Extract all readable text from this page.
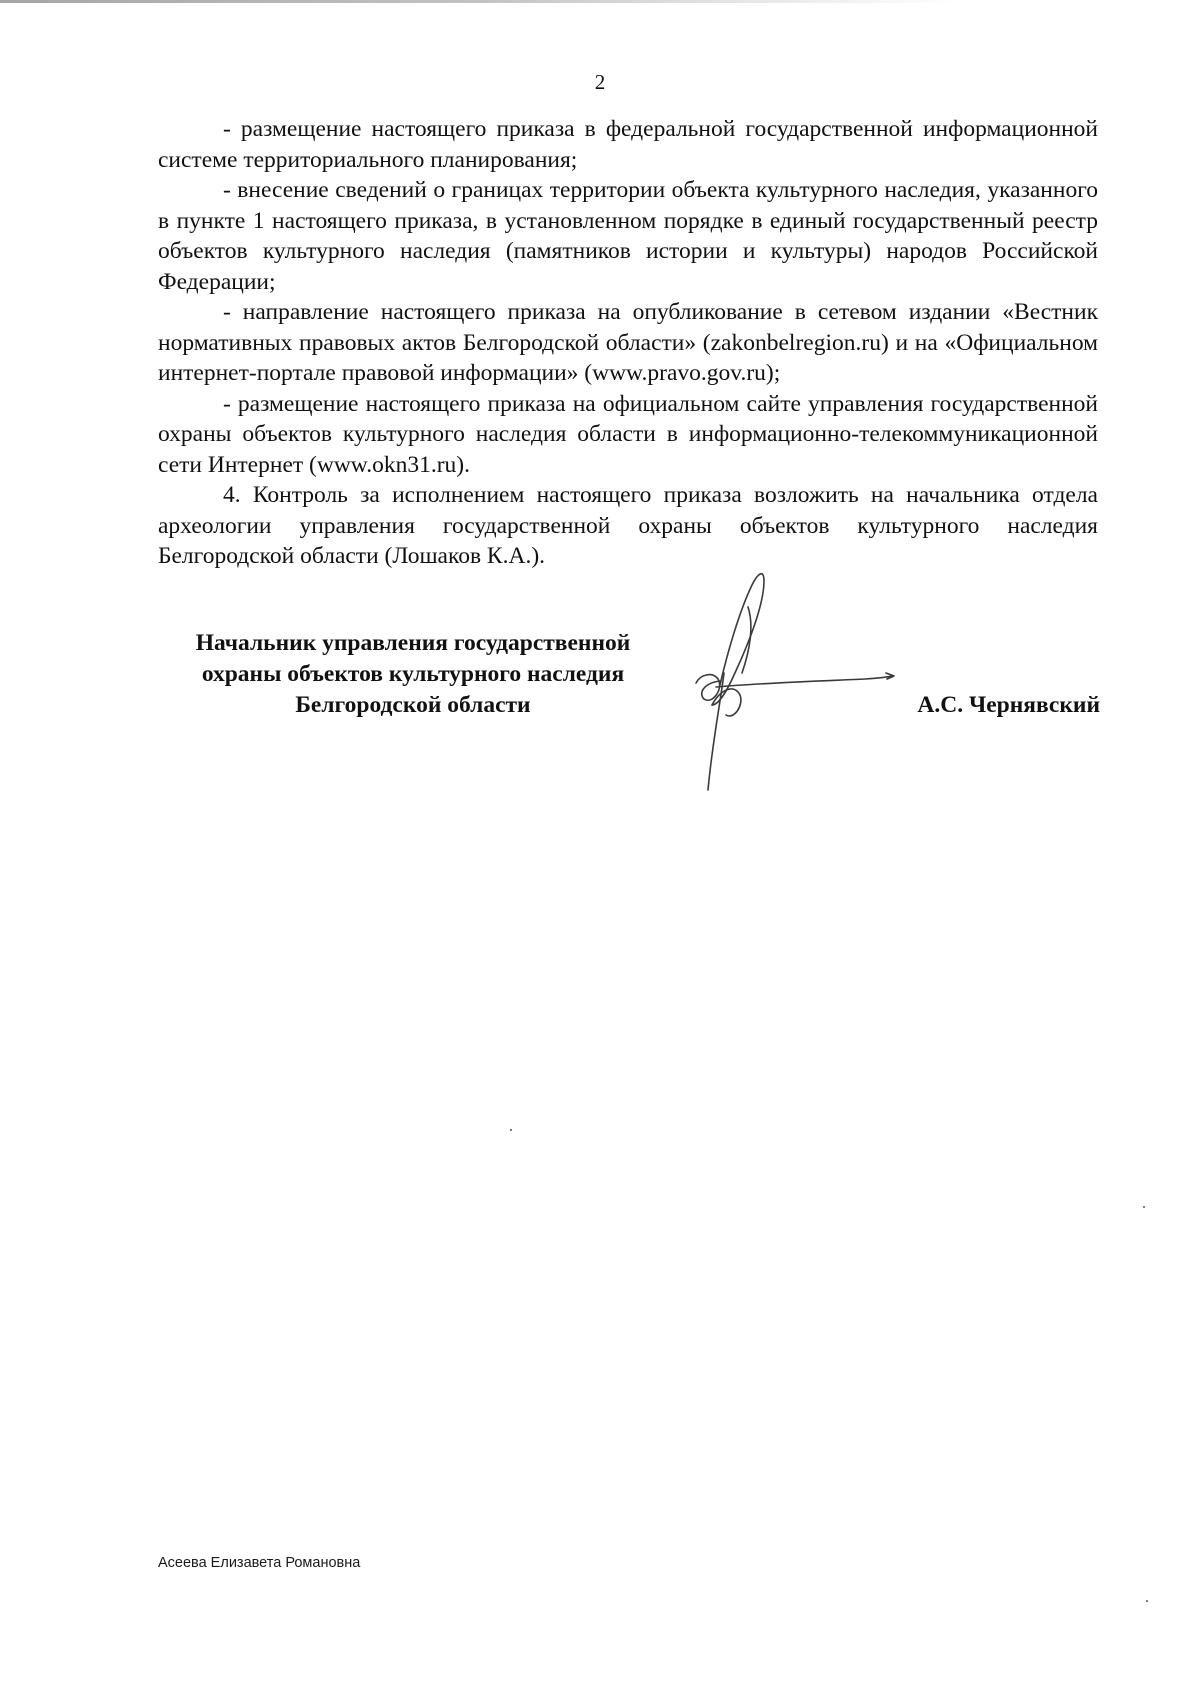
2

- размещение настоящего приказа в федеральной государственной информационной системе территориального планирования;

- внесение сведений о границах территории объекта культурного наследия, указанного в пункте 1 настоящего приказа, в установленном порядке в единый государственный реестр объектов культурного наследия (памятников истории и культуры) народов Российской Федерации;

- направление настоящего приказа на опубликование в сетевом издании «Вестник нормативных правовых актов Белгородской области» (zakonbelregion.ru) и на «Официальном интернет-портале правовой информации» (www.pravo.gov.ru);

- размещение настоящего приказа на официальном сайте управления государственной охраны объектов культурного наследия области в информационно-телекоммуникационной сети Интернет (www.okn31.ru).

4. Контроль за исполнением настоящего приказа возложить на начальника отдела археологии управления государственной охраны объектов культурного наследия Белгородской области (Лошаков К.А.).

Начальник управления государственной
охраны объектов культурного наследия
Белгородской области	А.С. Чернявский
Асеева Елизавета Романовна
